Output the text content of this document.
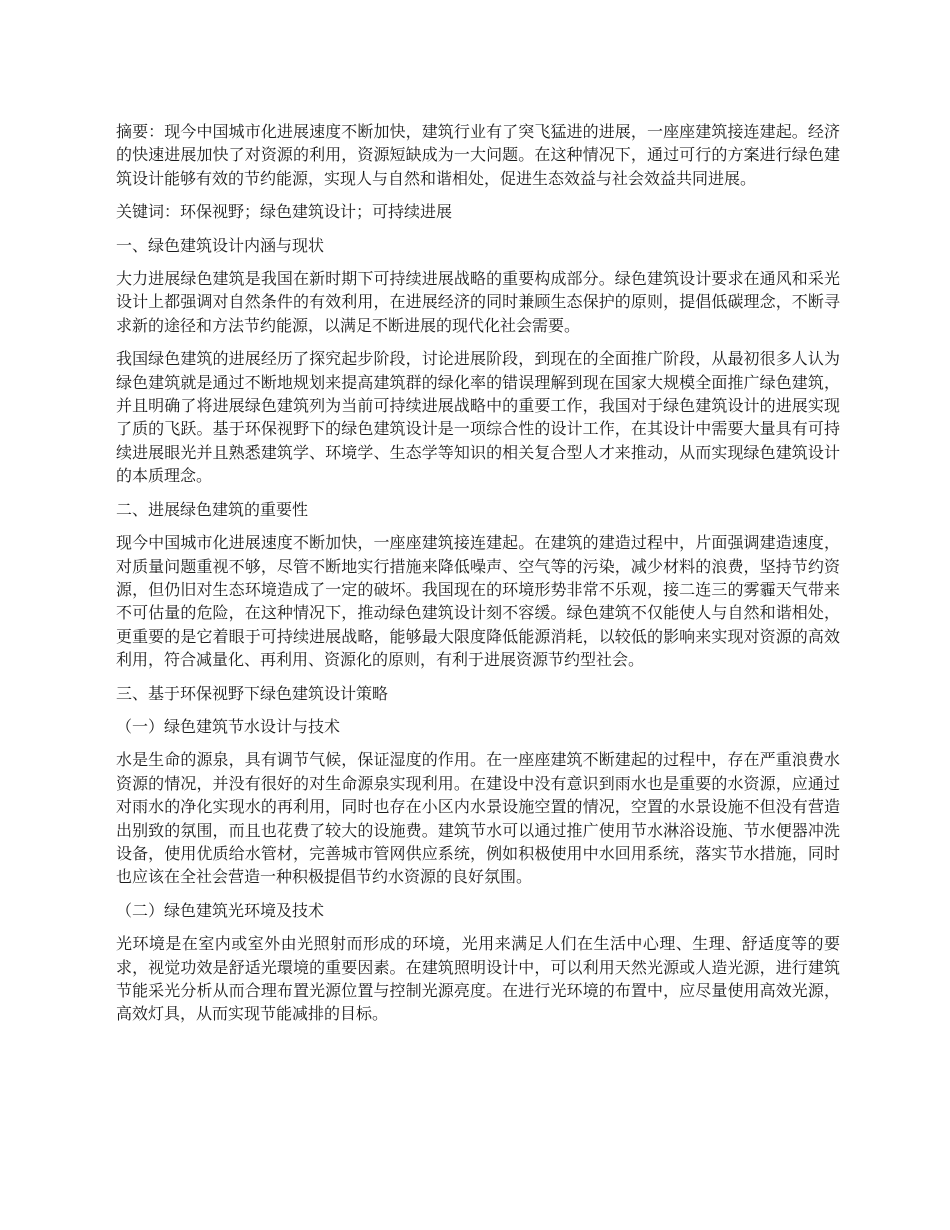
摘要：现今中国城市化进展速度不断加快，建筑行业有了突飞猛进的进展，一座座建筑接连建起。经济的快速进展加快了对资源的利用，资源短缺成为一大问题。在这种情况下，通过可行的方案进行绿色建筑设计能够有效的节约能源，实现人与自然和谐相处，促进生态效益与社会效益共同进展。

关键词：环保视野；绿色建筑设计；可持续进展

一、绿色建筑设计内涵与现状

大力进展绿色建筑是我国在新时期下可持续进展战略的重要构成部分。绿色建筑设计要求在通风和采光设计上都强调对自然条件的有效利用，在进展经济的同时兼顾生态保护的原则，提倡低碳理念，不断寻求新的途径和方法节约能源，以满足不断进展的现代化社会需要。

我国绿色建筑的进展经历了探究起步阶段，讨论进展阶段，到现在的全面推广阶段，从最初很多人认为绿色建筑就是通过不断地规划来提高建筑群的绿化率的错误理解到现在国家大规模全面推广绿色建筑，并且明确了将进展绿色建筑列为当前可持续进展战略中的重要工作，我国对于绿色建筑设计的进展实现了质的飞跃。基于环保视野下的绿色建筑设计是一项综合性的设计工作，在其设计中需要大量具有可持续进展眼光并且熟悉建筑学、环境学、生态学等知识的相关复合型人才来推动，从而实现绿色建筑设计的本质理念。

二、进展绿色建筑的重要性

现今中国城市化进展速度不断加快，一座座建筑接连建起。在建筑的建造过程中，片面强调建造速度，对质量问题重视不够，尽管不断地实行措施来降低噪声、空气等的污染，减少材料的浪费，坚持节约资源，但仍旧对生态环境造成了一定的破坏。我国现在的环境形势非常不乐观，接二连三的雾霾天气带来不可估量的危险，在这种情况下，推动绿色建筑设计刻不容缓。绿色建筑不仅能使人与自然和谐相处，更重要的是它着眼于可持续进展战略，能够最大限度降低能源消耗，以较低的影响来实现对资源的高效利用，符合减量化、再利用、资源化的原则，有利于进展资源节约型社会。

三、基于环保视野下绿色建筑设计策略

（一）绿色建筑节水设计与技术

水是生命的源泉，具有调节气候，保证湿度的作用。在一座座建筑不断建起的过程中，存在严重浪费水资源的情况，并没有很好的对生命源泉实现利用。在建设中没有意识到雨水也是重要的水资源，应通过对雨水的净化实现水的再利用，同时也存在小区内水景设施空置的情况，空置的水景设施不但没有营造出别致的氛围，而且也花费了较大的设施费。建筑节水可以通过推广使用节水淋浴设施、节水便器冲洗设备，使用优质给水管材，完善城市管网供应系统，例如积极使用中水回用系统，落实节水措施，同时也应该在全社会营造一种积极提倡节约水资源的良好氛围。

（二）绿色建筑光环境及技术

光环境是在室内或室外由光照射而形成的环境，光用来满足人们在生活中心理、生理、舒适度等的要求，视觉功效是舒适光環境的重要因素。在建筑照明设计中，可以利用天然光源或人造光源，进行建筑节能采光分析从而合理布置光源位置与控制光源亮度。在进行光环境的布置中，应尽量使用高效光源，高效灯具，从而实现节能减排的目标。
